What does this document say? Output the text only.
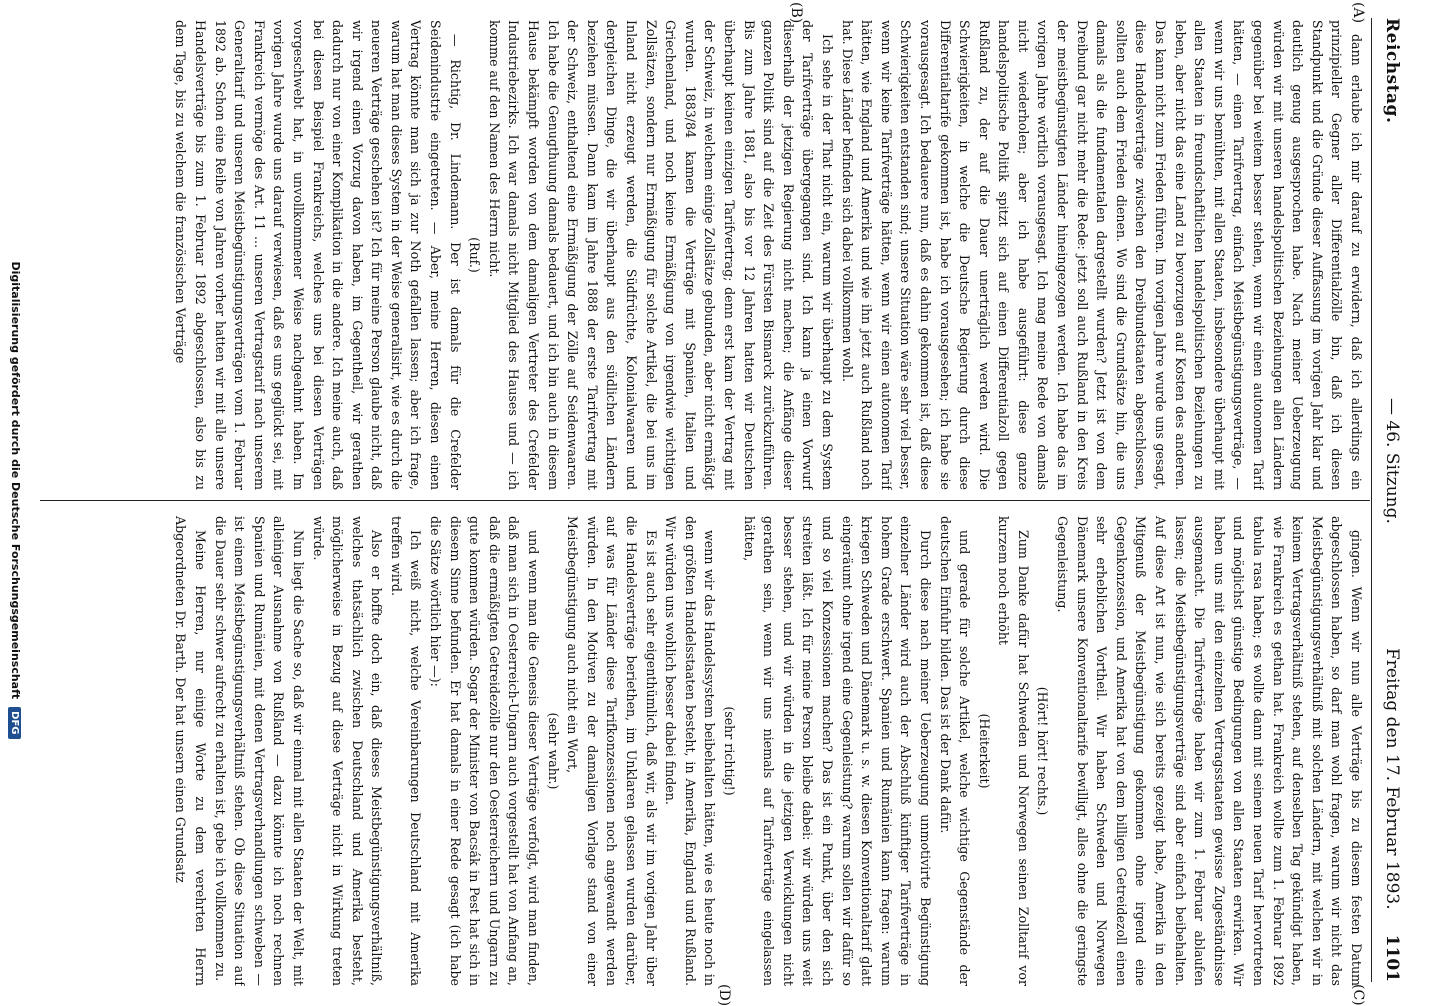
Reichstag.
— 46. Sitzung.
Freitag den 17. Februar 1893.
1101
(A)
(B)
(C)
(D)

dann erlaube ich mir darauf zu erwidern, daß ich allerdings ein prinzipieller Gegner aller Differentialzölle bin, daß ich diesen Standpunkt und die Gründe dieser Auffassung im vorigen Jahr klar und deutlich genug ausgesprochen habe. Nach meiner Ueberzeugung würden wir mit unseren handelspolitischen Beziehungen allen Ländern gegenüber bei weitem besser stehen, wenn wir einen autonomen Tarif hätten, — einen Tarifvertrag, einfach Meistbegünstigungsverträge, — wenn wir uns bemühten, mit allen Staaten, insbesondere überhaupt mit allen Staaten in freundschaftlichen handelspolitischen Beziehungen zu leben, aber nicht das eine Land zu bevorzugen auf Kosten des anderen. Das kann nicht zum Frieden führen. Im vorigen Jahre wurde uns gesagt, diese Handelsverträge zwischen den Dreibundstaaten abgeschlossen, sollten auch dem Frieden dienen. Wo sind die Grundsätze hin, die uns damals als die fundamentalen dargestellt wurden? Jetzt ist von dem Dreibund gar nicht mehr die Rede: jetzt soll auch Rußland in den Kreis der meistbegünstigten Länder hineingezogen werden. Ich habe das im vorigen Jahre wörtlich vorausgesagt. Ich mag meine Rede von damals nicht wiederholen; aber ich habe ausgeführt: diese ganze handelspolitische Politik spitzt sich auf einen Differentialzoll gegen Rußland zu, der auf die Dauer unerträglich werden wird. Die Schwierigkeiten, in welche die Deutsche Regierung durch diese Differentialtarife gekommen ist, habe ich vorausgesehen; ich habe sie vorausgesagt. Ich bedauere nun, daß es dahin gekommen ist, daß diese Schwierigkeiten entstanden sind; unsere Situation wäre sehr viel besser, wenn wir keine Tarifverträge hätten, wenn wir einen autonomen Tarif hätten, wie England und Amerika und wie ihn jetzt auch Rußland noch hat. Diese Länder befinden sich dabei vollkommen wohl.

Ich sehe in der That nicht ein, warum wir überhaupt zu dem System der Tarifverträge übergegangen sind. Ich kann ja einen Vorwurf dieserhalb der jetzigen Regierung nicht machen; die Anfänge dieser ganzen Politik sind auf die Zeit des Fürsten Bismarck zurückzuführen. Bis zum Jahre 1881, also bis vor 12 Jahren hatten wir Deutschen überhaupt keinen einzigen Tarifvertrag; denn erst kam der Vertrag mit der Schweiz, in welchem einige Zollsätze gebunden, aber nicht ermäßigt wurden. 1883/84 kamen die Verträge mit Spanien, Italien und Griechenland, und noch keine Ermäßigung von irgendwie wichtigen Zollsätzen, sondern nur Ermäßigung für solche Artikel, die bei uns im Inland nicht erzeugt werden, die Südfrüchte, Kolonialwaaren und dergleichen Dinge, die wir überhaupt aus den südlichen Ländern beziehen müssen. Dann kam im Jahre 1888 der erste Tarifvertrag mit der Schweiz, enthaltend eine Ermäßigung der Zölle auf Seidenwaaren. Ich habe die Genugthuung damals bedauert, und ich bin auch in diesem Hause bekämpft worden von dem damaligen Vertreter des Crefelder Industriebezirks. Ich war damals nicht Mitglied des Hauses und — ich komme auf den Namen des Herrn nicht.

(Ruf.)

— Richtig, Dr. Lindemann. Der ist damals für die Crefelder Seidenindustrie eingetreten. — Aber, meine Herren, diesen einen Vertrag könnte man sich ja zur Noth gefallen lassen; aber ich frage, warum hat man dieses System in der Weise generalisirt, wie es durch die neueren Verträge geschehen ist? Ich für meine Person glaube nicht, daß wir irgend einen Vorzug davon haben, im Gegentheil, wir gerathen dadurch nur von einer Komplikation in die andere. Ich meine auch, daß bei diesen Beispiel Frankreichs, welches uns bei diesen Verträgen vorgeschwebt hat, in unvollkommener Weise nachgeahmt haben. Im vorigen Jahre wurde uns darauf verwiesen, daß es uns geglückt sei, mit Frankreich vermöge des Art. 11 ... unseren Vertragstarif nach unserem Generaltarif und unseren Meistbegünstigungsverträgen vom 1. Februar 1892 ab. Schon eine Reihe von Jahren vorher hatten wir mit alle unsere Handelsverträge bis zum 1. Februar 1892 abgeschlossen, also bis zu dem Tage, bis zu welchem die französischen Verträge

gingen. Wenn wir nun alle Verträge bis zu diesem festen Datum abgeschlossen haben, so darf man wohl fragen, warum wir nicht das Meistbegünstigungsverhältniß mit solchen Ländern, mit welchen wir in keinem Vertragsverhältniß stehen, auf denselben Tag gekündigt haben, wie Frankreich es gethan hat. Frankreich wollte zum 1. Februar 1892 tabula rasa haben; es wollte dann mit seinem neuen Tarif hervortreten und möglichst günstige Bedingungen von allen Staaten erwirken. Wir haben uns mit den einzelnen Vertragsstaaten gewisse Zugeständnisse ausgemacht. Die Tarifverträge haben wir zum 1. Februar ablaufen lassen; die Meistbegünstigungsverträge sind aber einfach beibehalten. Auf diese Art ist nun, wie sich bereits gezeigt habe, Amerika in den Mitgenuß der Meistbegünstigung gekommen ohne irgend eine Gegenkonzession, und Amerika hat von dem billigen Getreidezoll einen sehr erheblichen Vortheil. Wir haben Schweden und Norwegen Dänemark unsere Konventionaltarife bewilligt, alles ohne die geringste Gegenleistung.

(Hört! hört! rechts.)

Zum Danke dafür hat Schweden und Norwegen seinen Zolltarif vor kurzem noch erhöht

(Heiterkeit)

und gerade für solche Artikel, welche wichtige Gegenstände der deutschen Einfuhr bilden. Das ist der Dank dafür.

Durch diese nach meiner Ueberzeugung unmotivirte Begünstigung einzelner Länder wird auch der Abschluß künftiger Tarifverträge in hohem Grade erschwert. Spanien und Rumänien kann fragen: warum kriegen Schweden und Dänemark u. s. w. diesen Konventionaltarif glatt eingeräumt ohne irgend eine Gegenleistung? warum sollen wir dafür so und so viel Konzessionen machen? Das ist ein Punkt, über den sich streiten läßt. Ich für meine Person bleibe dabei: wir würden uns weit besser stehen, und wir würden in die jetzigen Verwicklungen nicht gerathen sein, wenn wir uns niemals auf Tarifverträge eingelassen hätten,

(sehr richtig!)

wenn wir das Handelssystem beibehalten hätten, wie es heute noch in den größten Handelsstaaten besteht, in Amerika, England und Rußland. Wir würden uns wohlich besser dabei finden.

Es ist auch sehr eigenthümlich, daß wir, als wir im vorigen Jahr über die Handelsverträge beriethen, im Unklaren gelassen wurden darüber, auf was für Länder diese Tarifkonzessionen noch angewandt werden würden. In den Motiven zu der damaligen Vorlage stand von einer Meistbegünstigung auch nicht ein Wort,

(sehr wahr.)

und wenn man die Genesis dieser Verträge verfolgt, wird man finden, daß man sich in Oesterreich-Ungarn auch vorgestellt hat von Anfang an, daß die ermäßigten Getreidezölle nur den Oesterreichern und Ungarn zu gute kommen würden. Sogar der Minister von Bacsák in Pest hat sich in diesem Sinne befunden. Er hat damals in einer Rede gesagt (ich habe die Sätze wörtlich hier —):

Ich weiß nicht, welche Vereinbarungen Deutschland mit Amerika treffen wird.

Also er hoffte doch ein, daß dieses Meistbegünstigungsverhältniß, welches thatsächlich zwischen Deutschland und Amerika besteht, möglicherweise in Bezug auf diese Verträge nicht in Wirkung treten würde.

Nun liegt die Sache so, daß wir einmal mit allen Staaten der Welt, mit alleiniger Ausnahme von Rußland — dazu könnte ich noch rechnen Spanien und Rumänien, mit denen Vertragsverhandlungen schweben — ist einem Meistbegünstigungsverhältniß stehen. Ob diese Situation auf die Dauer sehr schwer aufrecht zu erhalten ist, gebe ich vollkommen zu.

Meine Herren, nur einige Worte zu dem verehrten Herrn Abgeordneten Dr. Barth. Der hat unsern einen Grundsatz

Digitalisierung gefördert durch die Deutsche ForschungsgemeinschaftDFG
